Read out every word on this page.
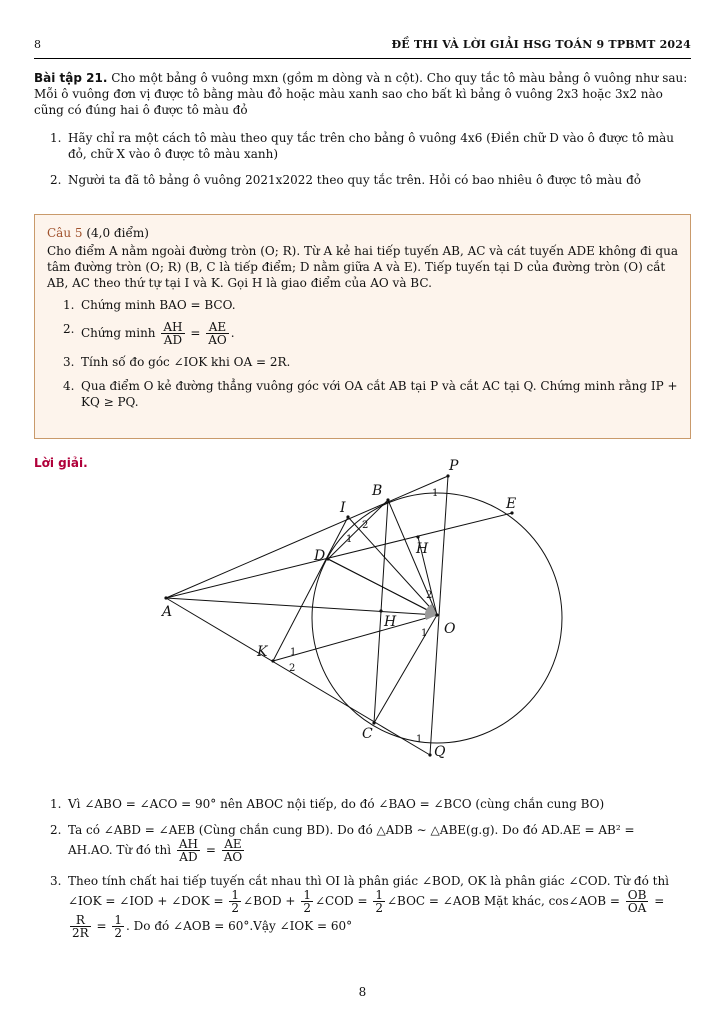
8	ĐỀ THI VÀ LỜI GIẢI HSG TOÁN 9 TPBMT 2024
Bài tập 21. Cho một bảng ô vuông mxn (gồm m dòng và n cột). Cho quy tắc tô màu bảng ô vuông như sau: Mỗi ô vuông đơn vị được tô bằng màu đỏ hoặc màu xanh sao cho bất kì bảng ô vuông 2x3 hoặc 3x2 nào cũng có đúng hai ô được tô màu đỏ
1. Hãy chỉ ra một cách tô màu theo quy tắc trên cho bảng ô vuông 4x6 (Điền chữ D vào ô được tô màu đỏ, chữ X vào ô được tô màu xanh)
2. Người ta đã tô bảng ô vuông 2021x2022 theo quy tắc trên. Hỏi có bao nhiêu ô được tô màu đỏ
Câu 5 (4,0 điểm)
Cho điểm A nằm ngoài đường tròn (O; R). Từ A kẻ hai tiếp tuyến AB, AC và cát tuyến ADE không đi qua tâm đường tròn (O; R) (B, C là tiếp điểm; D nằm giữa A và E). Tiếp tuyến tại D của đường tròn (O) cắt AB, AC theo thứ tự tại I và K. Gọi H là giao điểm của AO và BC.
1. Chứng minh BAO = BCO.
2. Chứng minh $\frac{AH}{AD} = \frac{AE}{AO}$ .
3. Tính số đo góc ∠IOK khi OA = 2R.
4. Qua điểm O kẻ đường thẳng vuông góc với OA cắt AB tại P và cắt AC tại Q. Chứng minh rằng IP + KQ ≥ PQ.
Lời giải.	P
B
E
I
D	H
A
H	O
K
C
Q
1
2
1
2
1
1
2
1
1. Vì ∠ABO = ∠ACO = 90° nên ABOC nội tiếp, do đó ∠BAO = ∠BCO (cùng chắn cung BO)
2. Ta có ∠ABD = ∠AEB (Cùng chắn cung BD). Do đó △ADB ∼ △ABE(g.g). Do đó AD.AE = AB² =
AH.AO. Từ đó thì $\frac{AH}{AD} = \frac{AE}{AO}$
3. Theo tính chất hai tiếp tuyến cắt nhau thì OI là phân giác ∠BOD, OK là phân giác ∠COD. Từ đó thì
∠IOK = ∠IOD + ∠DOK = $\frac{1}{2}$ ∠BOD + $\frac{1}{2}$ ∠COD = $\frac{1}{2}$ ∠BOC = ∠AOB Mặt khác, cos∠AOB = $\frac{OB}{OA}$ =

$\frac{R}{2R} = \frac{1}{2}$ . Do đó ∠AOB = 60°.Vậy ∠IOK = 60°
8
